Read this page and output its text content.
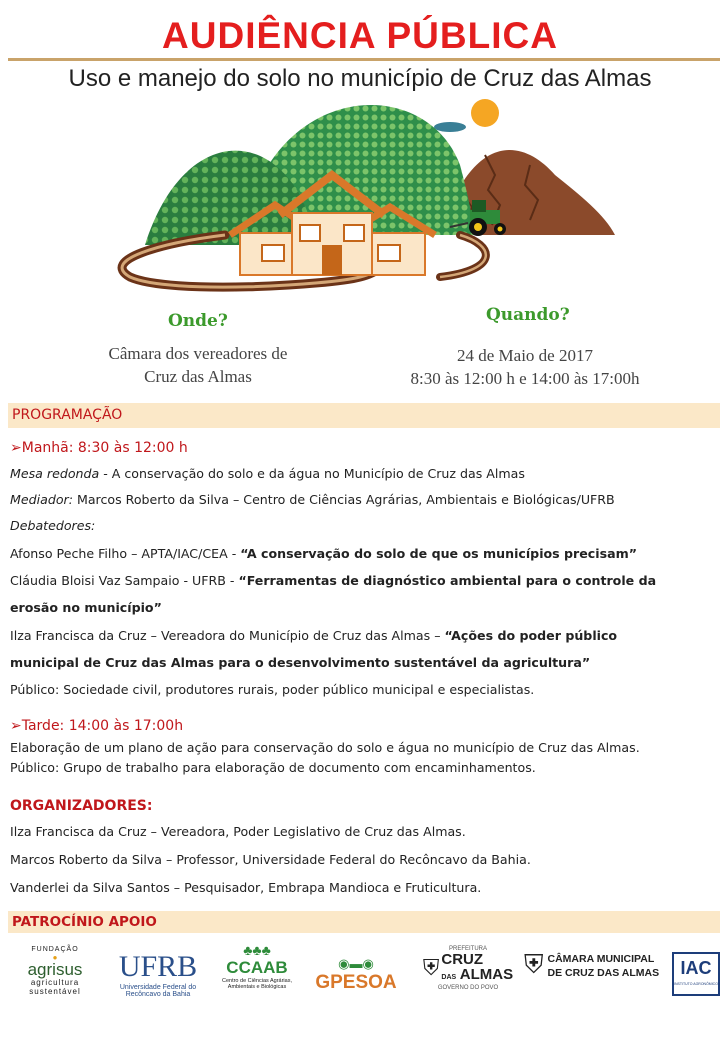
AUDIÊNCIA PÚBLICA
Uso e manejo do solo no município de Cruz das Almas
Onde?	Quando?
Câmara dos vereadores de
Cruz das Almas
24 de Maio de 2017
8:30 às 12:00 h e 14:00 às 17:00h
PROGRAMAÇÃO

➢Manhã: 8:30 às 12:00 h

Mesa redonda - A conservação do solo e da água no Município de Cruz das Almas

Mediador: Marcos Roberto da Silva – Centro de Ciências Agrárias, Ambientais e Biológicas/UFRB

Debatedores:

Afonso Peche Filho – APTA/IAC/CEA - “A conservação do solo de que os municípios precisam”

Cláudia Bloisi Vaz Sampaio - UFRB - “Ferramentas de diagnóstico ambiental para o controle da

erosão no município”

Ilza Francisca da Cruz – Vereadora do Município de Cruz das Almas – “Ações do poder público

municipal de Cruz das Almas para o desenvolvimento sustentável da agricultura”

Público: Sociedade civil, produtores rurais, poder público municipal e especialistas.

➢Tarde: 14:00 às 17:00h

Elaboração de um plano de ação para conservação do solo e água no município de Cruz das Almas.

Público: Grupo de trabalho para elaboração de documento com encaminhamentos.

ORGANIZADORES:

Ilza Francisca da Cruz – Vereadora, Poder Legislativo de Cruz das Almas.

Marcos Roberto da Silva – Professor, Universidade Federal do Recôncavo da Bahia.

Vanderlei da Silva Santos – Pesquisador, Embrapa Mandioca e Fruticultura.

PATROCÍNIO APOIO
FUNDAÇÃO
●
agrisus
agricultura
sustentável
UFRB
Universidade Federal do
Recôncavo da Bahia
♣♣♣
CCAAB
Centro de Ciências Agrárias,
Ambientais e Biológicas
◉▬◉
GPESOA
PREFEITURA
⛨ CRUZ
DAS ALMAS
GOVERNO DO POVO
⛨ CÂMARA MUNICIPAL
DE CRUZ DAS ALMAS	IAC
INSTITUTO AGRONÔMICO
